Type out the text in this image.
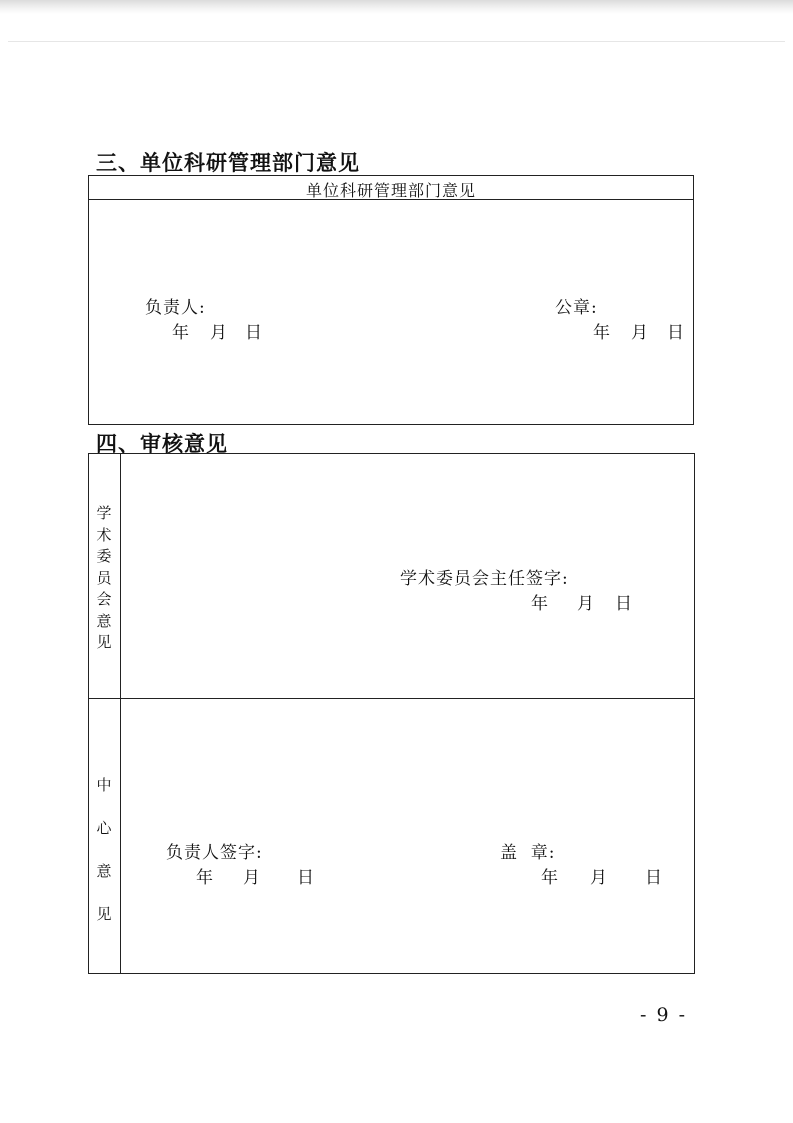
三、单位科研管理部门意见
单位科研管理部门意见
负责人:
年 月 日
公章:
年 月 日
四、审核意见
学
术
委
员
会
意
见
学术委员会主任签字:
年 月 日
中
心
意
见
负责人签字:
年 月 日
盖  章:
年 月 日
- 9 -
